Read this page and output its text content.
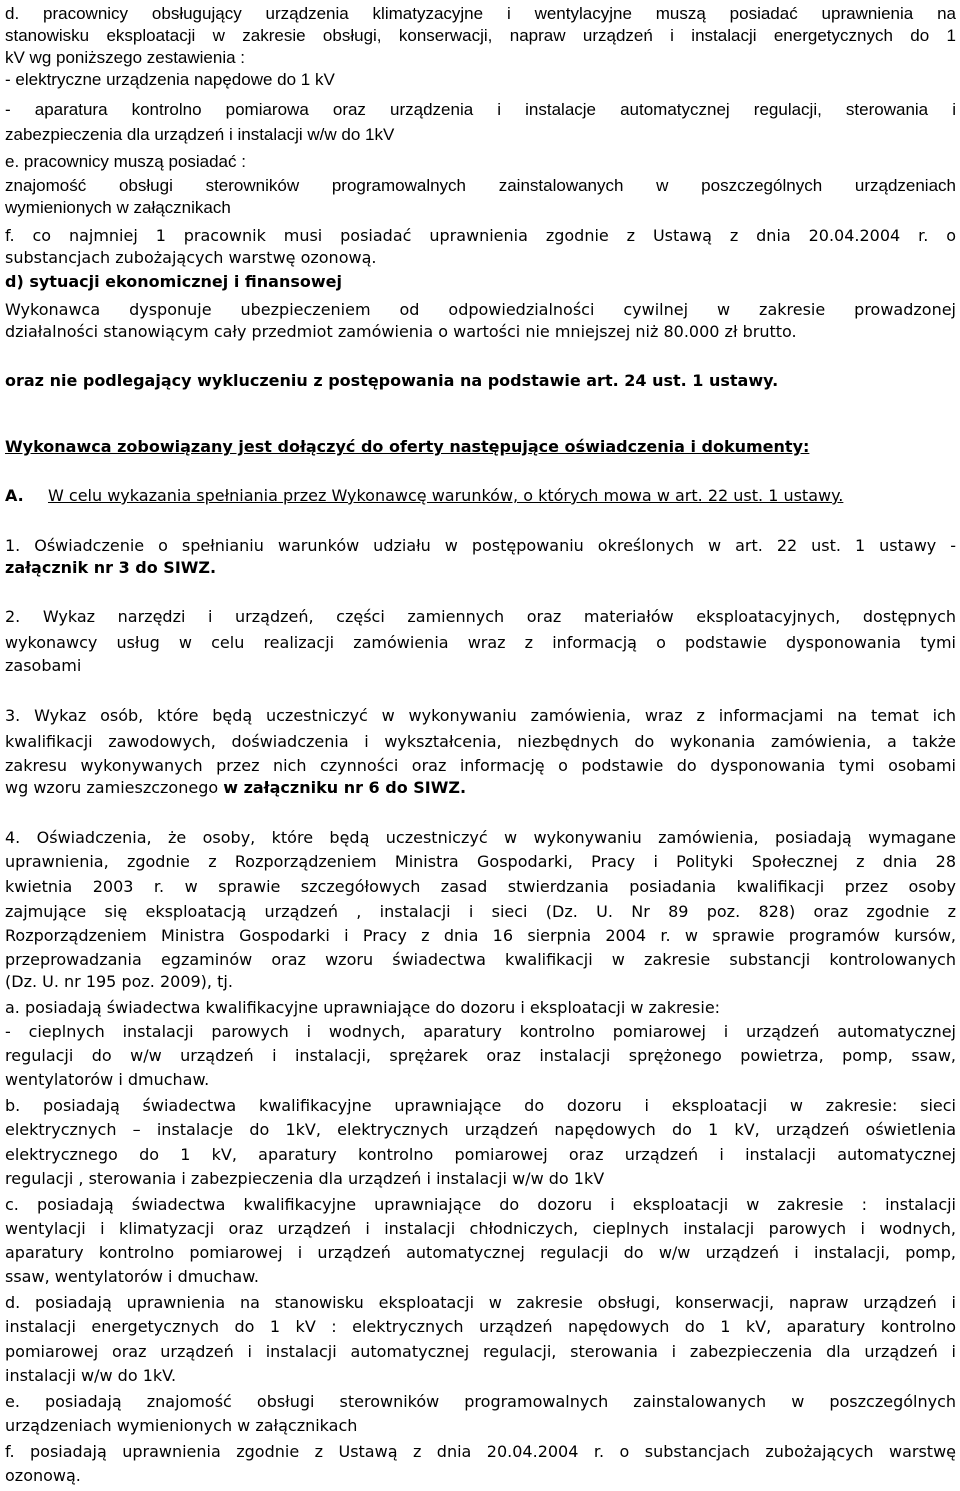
d. pracownicy obsługujący urządzenia klimatyzacyjne i wentylacyjne muszą posiadać uprawnienia na
stanowisku eksploatacji w zakresie obsługi, konserwacji, napraw urządzeń i instalacji energetycznych do 1
kV wg poniższego zestawienia :
- elektryczne urządzenia napędowe do 1 kV
- aparatura kontrolno pomiarowa oraz urządzenia i instalacje automatycznej regulacji, sterowania i
zabezpieczenia dla urządzeń i instalacji w/w do 1kV
e. pracownicy muszą posiadać :
znajomość obsługi sterowników programowalnych zainstalowanych w poszczególnych urządzeniach
wymienionych w załącznikach
f. co najmniej 1 pracownik musi posiadać uprawnienia zgodnie z Ustawą z dnia 20.04.2004 r. o
substancjach zubożających warstwę ozonową.
d) sytuacji ekonomicznej i finansowej
Wykonawca dysponuje ubezpieczeniem od odpowiedzialności cywilnej w zakresie prowadzonej
działalności stanowiącym cały przedmiot zamówienia o wartości nie mniejszej niż 80.000 zł brutto.
oraz nie podlegający wykluczeniu z postępowania na podstawie art. 24 ust. 1 ustawy.
Wykonawca zobowiązany jest dołączyć do oferty następujące oświadczenia i dokumenty:
A.	W celu wykazania spełniania przez Wykonawcę warunków, o których mowa w art. 22 ust. 1 ustawy.
1. Oświadczenie o spełnianiu warunków udziału w postępowaniu określonych w art. 22 ust. 1 ustawy -
załącznik nr 3 do SIWZ.
2. Wykaz narzędzi i urządzeń, części zamiennych oraz materiałów eksploatacyjnych, dostępnych
wykonawcy usług w celu realizacji zamówienia wraz z informacją o podstawie dysponowania tymi
zasobami
3. Wykaz osób, które będą uczestniczyć w wykonywaniu zamówienia, wraz z informacjami na temat ich
kwalifikacji zawodowych, doświadczenia i wykształcenia, niezbędnych do wykonania zamówienia, a także
zakresu wykonywanych przez nich czynności oraz informację o podstawie do dysponowania tymi osobami
wg wzoru zamieszczonego w załączniku nr 6 do SIWZ.
4. Oświadczenia, że osoby, które będą uczestniczyć w wykonywaniu zamówienia, posiadają wymagane
uprawnienia, zgodnie z Rozporządzeniem Ministra Gospodarki, Pracy i Polityki Społecznej z dnia 28
kwietnia 2003 r. w sprawie szczegółowych zasad stwierdzania posiadania kwalifikacji przez osoby
zajmujące się eksploatacją urządzeń , instalacji i sieci (Dz. U. Nr 89 poz. 828) oraz zgodnie z
Rozporządzeniem Ministra Gospodarki i Pracy z dnia 16 sierpnia 2004 r. w sprawie programów kursów,
przeprowadzania egzaminów oraz wzoru świadectwa kwalifikacji w zakresie substancji kontrolowanych
(Dz. U. nr 195 poz. 2009), tj.
a. posiadają świadectwa kwalifikacyjne uprawniające do dozoru i eksploatacji w zakresie:
- cieplnych instalacji parowych i wodnych, aparatury kontrolno pomiarowej i urządzeń automatycznej
regulacji do w/w urządzeń i instalacji, sprężarek oraz instalacji sprężonego powietrza, pomp, ssaw,
wentylatorów i dmuchaw.
b. posiadają świadectwa kwalifikacyjne uprawniające do dozoru i eksploatacji w zakresie: sieci
elektrycznych – instalacje do 1kV, elektrycznych urządzeń napędowych do 1 kV, urządzeń oświetlenia
elektrycznego do 1 kV, aparatury kontrolno pomiarowej oraz urządzeń i instalacji automatycznej
regulacji , sterowania i zabezpieczenia dla urządzeń i instalacji w/w do 1kV
c. posiadają świadectwa kwalifikacyjne uprawniające do dozoru i eksploatacji w zakresie : instalacji
wentylacji i klimatyzacji oraz urządzeń i instalacji chłodniczych, cieplnych instalacji parowych i wodnych,
aparatury kontrolno pomiarowej i urządzeń automatycznej regulacji do w/w urządzeń i instalacji, pomp,
ssaw, wentylatorów i dmuchaw.
d. posiadają uprawnienia na stanowisku eksploatacji w zakresie obsługi, konserwacji, napraw urządzeń i
instalacji energetycznych do 1 kV : elektrycznych urządzeń napędowych do 1 kV, aparatury kontrolno
pomiarowej oraz urządzeń i instalacji automatycznej regulacji, sterowania i zabezpieczenia dla urządzeń i
instalacji w/w do 1kV.
e. posiadają znajomość obsługi sterowników programowalnych zainstalowanych w poszczególnych
urządzeniach wymienionych w załącznikach
f. posiadają uprawnienia zgodnie z Ustawą z dnia 20.04.2004 r. o substancjach zubożających warstwę
ozonową.
